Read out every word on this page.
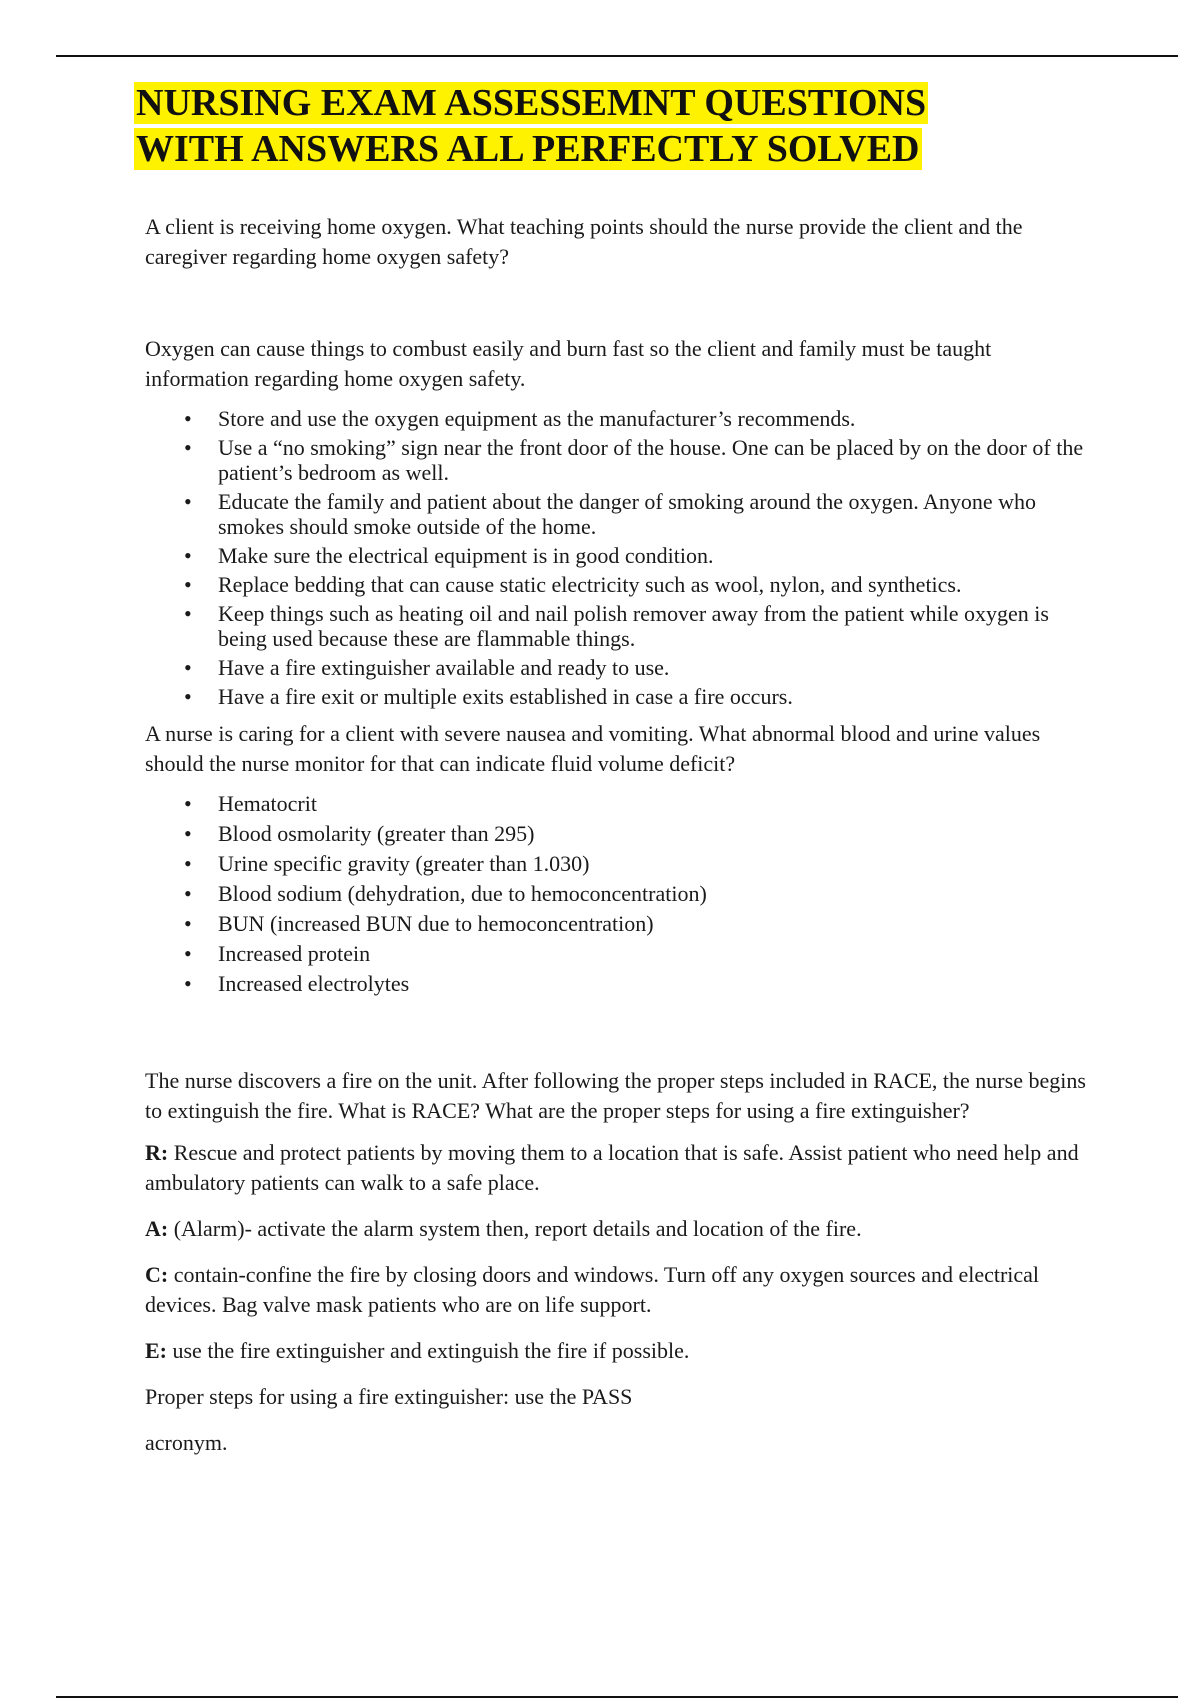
NURSING EXAM ASSESSEMNT QUESTIONS
WITH ANSWERS ALL PERFECTLY SOLVED

A client is receiving home oxygen. What teaching points should the nurse provide the client and the caregiver regarding home oxygen safety?

Oxygen can cause things to combust easily and burn fast so the client and family must be taught information regarding home oxygen safety.

• Store and use the oxygen equipment as the manufacturer’s recommends.
• Use a “no smoking” sign near the front door of the house. One can be placed by on the door of the patient’s bedroom as well.
• Educate the family and patient about the danger of smoking around the oxygen. Anyone who smokes should smoke outside of the home.
• Make sure the electrical equipment is in good condition.
• Replace bedding that can cause static electricity such as wool, nylon, and synthetics.
• Keep things such as heating oil and nail polish remover away from the patient while oxygen is being used because these are flammable things.
• Have a fire extinguisher available and ready to use.
• Have a fire exit or multiple exits established in case a fire occurs.

A nurse is caring for a client with severe nausea and vomiting. What abnormal blood and urine values should the nurse monitor for that can indicate fluid volume deficit?

• Hematocrit
• Blood osmolarity (greater than 295)
• Urine specific gravity (greater than 1.030)
• Blood sodium (dehydration, due to hemoconcentration)
• BUN (increased BUN due to hemoconcentration)
• Increased protein
• Increased electrolytes

The nurse discovers a fire on the unit. After following the proper steps included in RACE, the nurse begins to extinguish the fire. What is RACE? What are the proper steps for using a fire extinguisher?

R: Rescue and protect patients by moving them to a location that is safe. Assist patient who need help and ambulatory patients can walk to a safe place.

A: (Alarm)- activate the alarm system then, report details and location of the fire.

C: contain-confine the fire by closing doors and windows. Turn off any oxygen sources and electrical devices. Bag valve mask patients who are on life support.

E: use the fire extinguisher and extinguish the fire if possible.

Proper steps for using a fire extinguisher: use the PASS

acronym.
